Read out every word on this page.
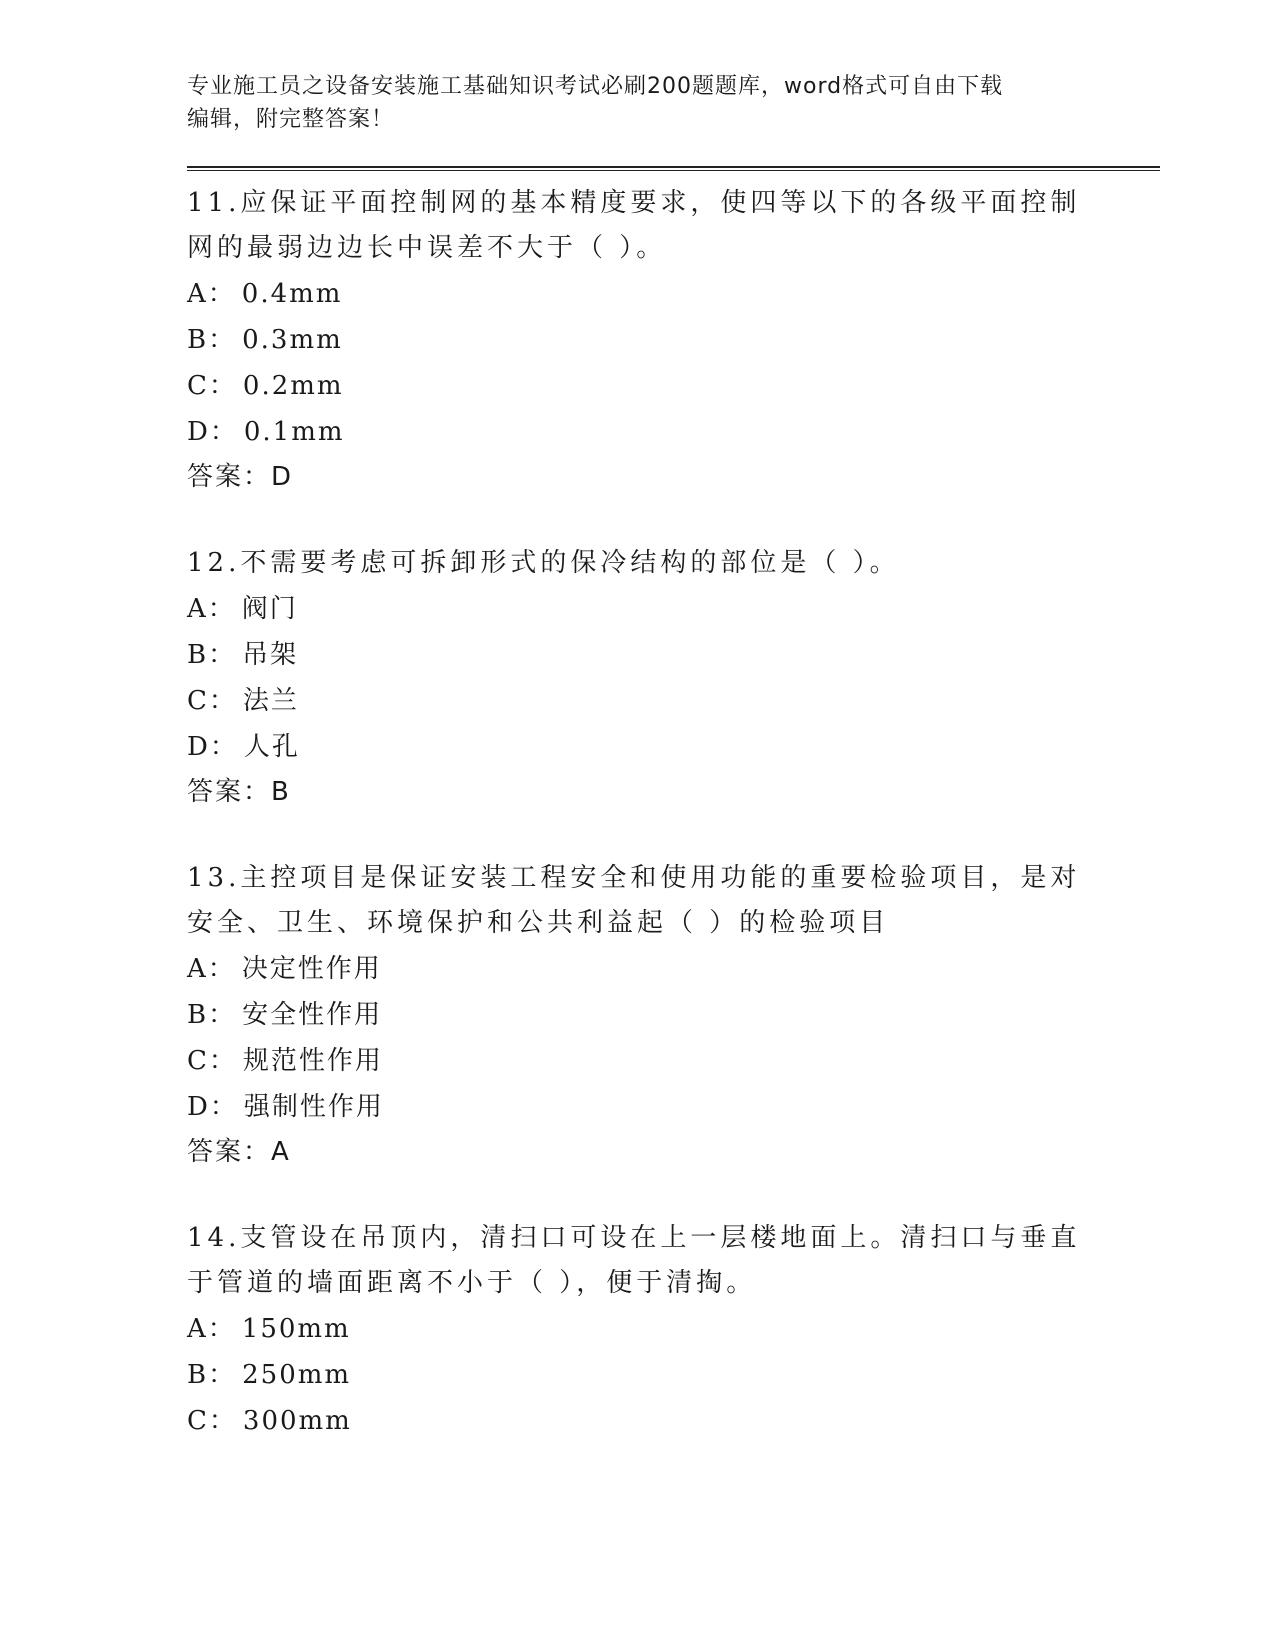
专业施工员之设备安装施工基础知识考试必刷200题题库，word格式可自由下载
编辑，附完整答案！
11.应保证平面控制网的基本精度要求，使四等以下的各级平面控制网的最弱边边长中误差不大于（ ）。
A： 0.4mm
B： 0.3mm
C： 0.2mm
D： 0.1mm
答案：D
12.不需要考虑可拆卸形式的保冷结构的部位是（ ）。
A： 阀门
B： 吊架
C： 法兰
D： 人孔
答案：B
13.主控项目是保证安装工程安全和使用功能的重要检验项目，是对安全、卫生、环境保护和公共利益起（ ）的检验项目
A： 决定性作用
B： 安全性作用
C： 规范性作用
D： 强制性作用
答案：A
14.支管设在吊顶内，清扫口可设在上一层楼地面上。清扫口与垂直于管道的墙面距离不小于（ ），便于清掏。
A： 150mm
B： 250mm
C： 300mm
